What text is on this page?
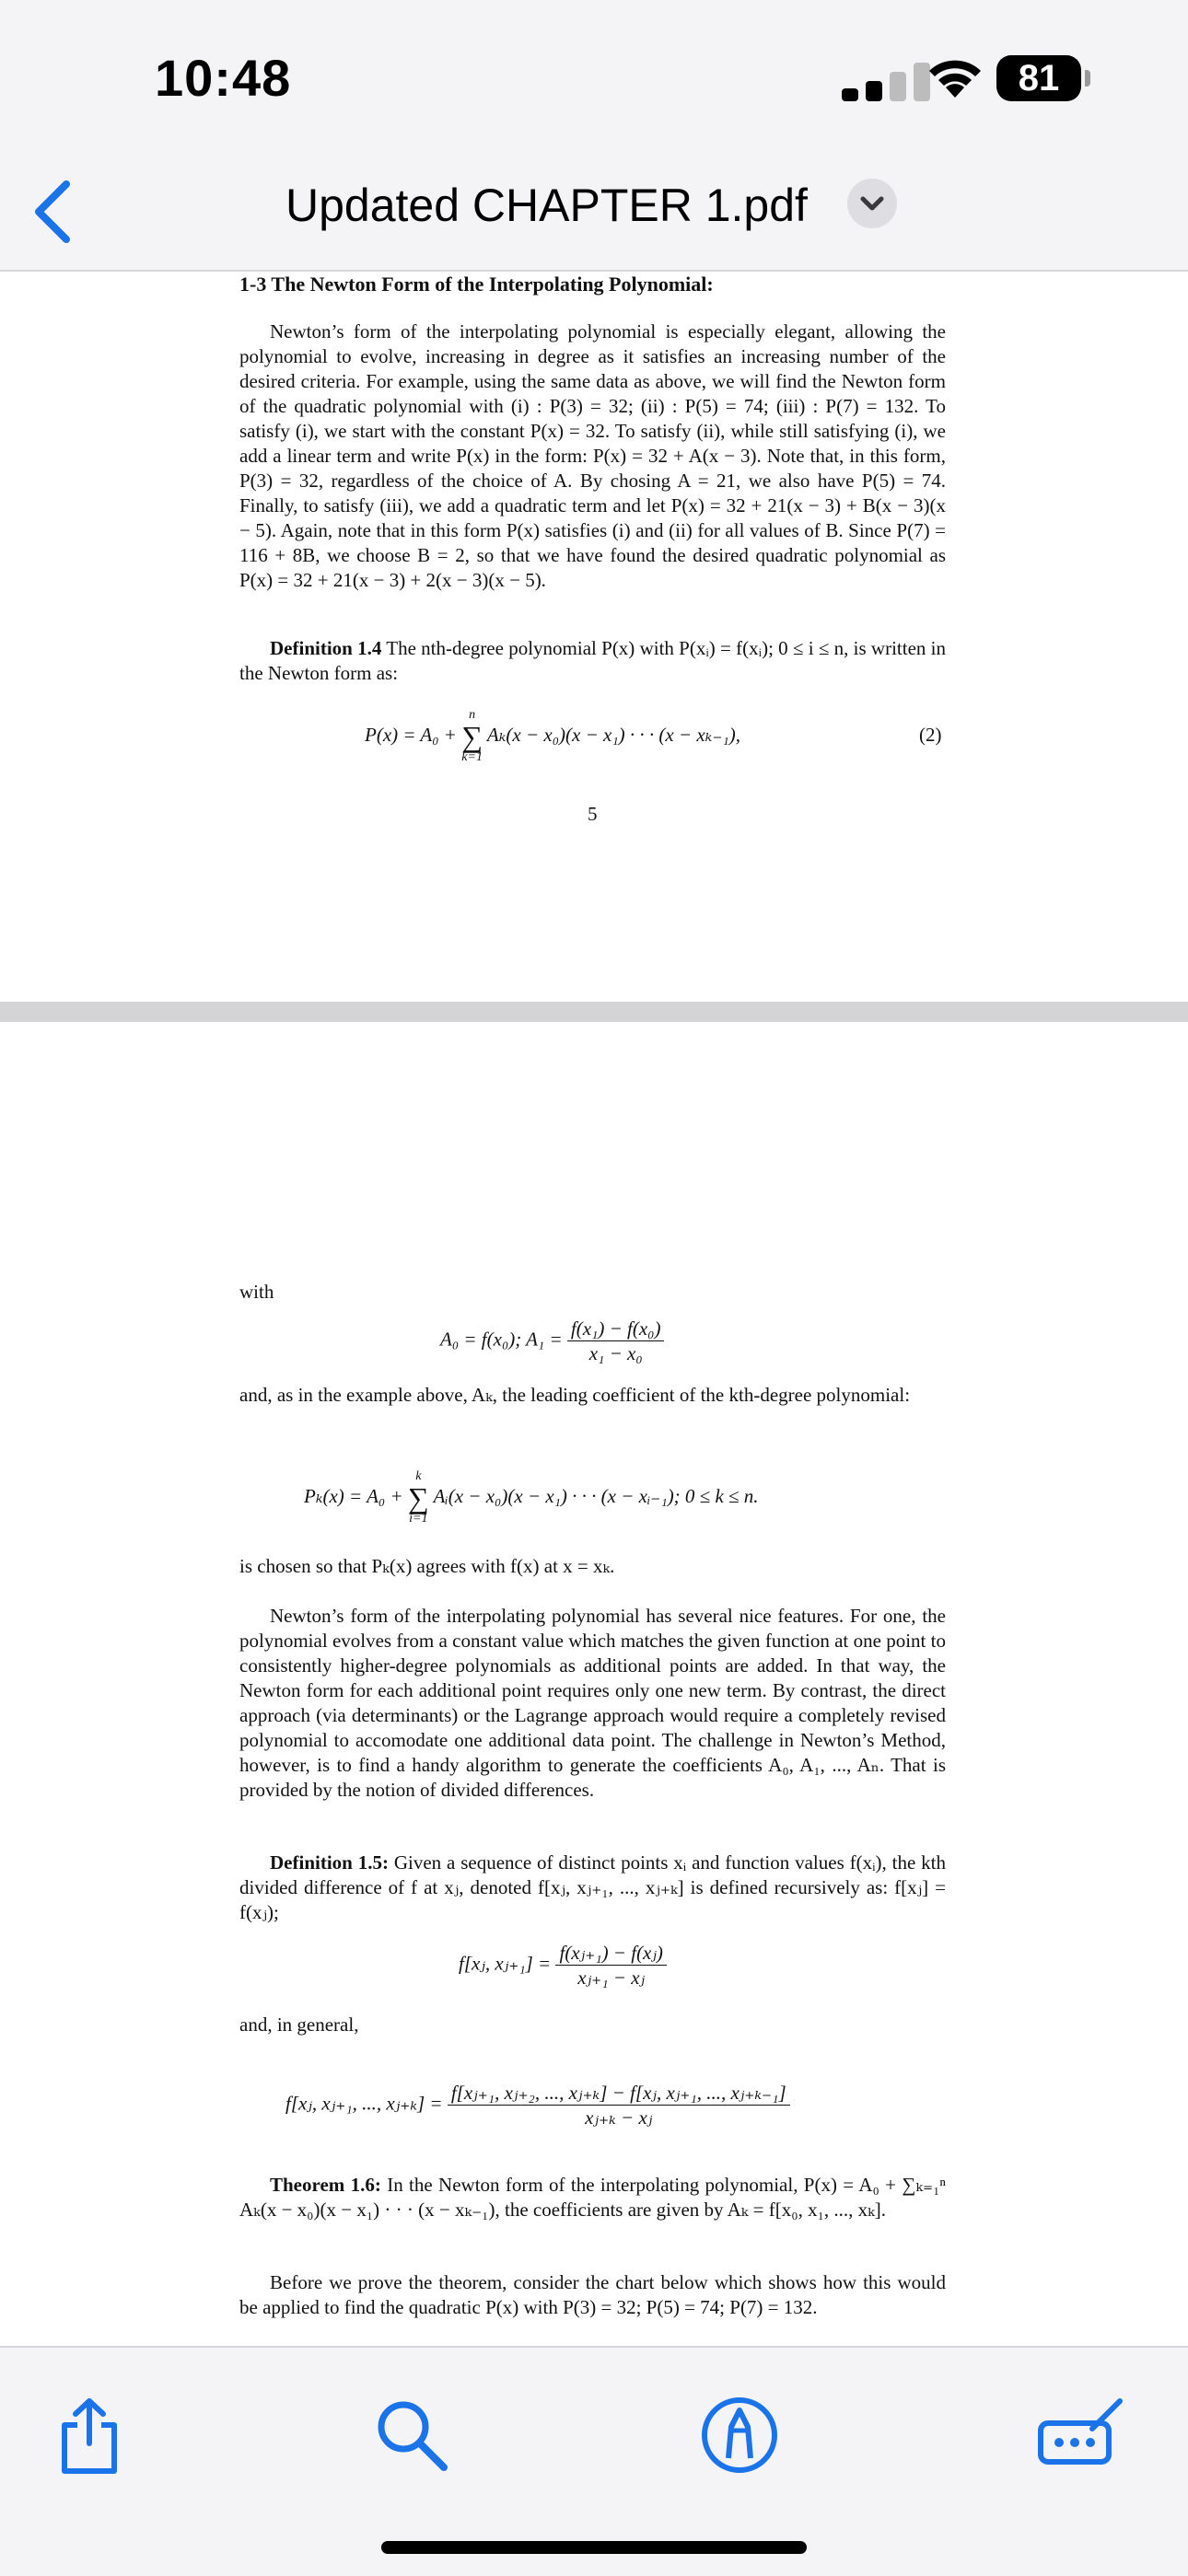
10:48	81
Updated CHAPTER 1.pdf
1-3 The Newton Form of the Interpolating Polynomial:

Newton’s form of the interpolating polynomial is especially elegant, allowing the polynomial to evolve, increasing in degree as it satisfies an increasing number of the desired criteria. For example, using the same data as above, we will find the Newton form of the quadratic polynomial with (i) : P(3) = 32; (ii) : P(5) = 74; (iii) : P(7) = 132. To satisfy (i), we start with the constant P(x) = 32. To satisfy (ii), while still satisfying (i), we add a linear term and write P(x) in the form: P(x) = 32 + A(x − 3). Note that, in this form, P(3) = 32, regardless of the choice of A. By chosing A = 21, we also have P(5) = 74. Finally, to satisfy (iii), we add a quadratic term and let P(x) = 32 + 21(x − 3) + B(x − 3)(x − 5). Again, note that in this form P(x) satisfies (i) and (ii) for all values of B. Since P(7) = 116 + 8B, we choose B = 2, so that we have found the desired quadratic polynomial as P(x) = 32 + 21(x − 3) + 2(x − 3)(x − 5).

Definition 1.4 The nth-degree polynomial P(x) with P(xᵢ) = f(xᵢ); 0 ≤ i ≤ n, is written in the Newton form as:

P(x) = A₀ +
n
∑
k=1
Aₖ(x − x₀)(x − x₁) · · · (x − xₖ₋₁),	(2)
5
with
A₀ = f(x₀); $A_1 = \frac{\text{f(x₁) − f(x₀)}}{\text{x₁ − x₀}}$

and, as in the example above, Aₖ, the leading coefficient of the kth-degree polynomial:

Pₖ(x) = A₀ +
k
∑
i=1
Aᵢ(x − x₀)(x − x₁) · · · (x − xᵢ₋₁); 0 ≤ k ≤ n.

is chosen so that Pₖ(x) agrees with f(x) at x = xₖ.

Newton’s form of the interpolating polynomial has several nice features. For one, the polynomial evolves from a constant value which matches the given function at one point to consistently higher-degree polynomials as additional points are added. In that way, the Newton form for each additional point requires only one new term. By contrast, the direct approach (via determinants) or the Lagrange approach would require a completely revised polynomial to accomodate one additional data point. The challenge in Newton’s Method, however, is to find a handy algorithm to generate the coefficients A₀, A₁, ..., Aₙ. That is provided by the notion of divided differences.

Definition 1.5: Given a sequence of distinct points xᵢ and function values f(xᵢ), the kth divided difference of f at xⱼ, denoted f[xⱼ, xⱼ₊₁, ..., xⱼ₊ₖ] is defined recursively as: f[xⱼ] = f(xⱼ);

f[xⱼ, xⱼ₊₁] = $\frac{\text{f(xⱼ₊₁) − f(xⱼ)}}{\text{xⱼ₊₁ − xⱼ}}$
and, in general,
f[xⱼ, xⱼ₊₁, ..., xⱼ₊ₖ] = $\frac{\text{f[xⱼ₊₁, xⱼ₊₂, ..., xⱼ₊ₖ] − f[xⱼ, xⱼ₊₁, ..., xⱼ₊ₖ₋₁]}}{\text{xⱼ₊ₖ − xⱼ}}$

Theorem 1.6: In the Newton form of the interpolating polynomial, P(x) = A₀ + ∑ₖ₌₁ⁿ Aₖ(x − x₀)(x − x₁) · · · (x − xₖ₋₁), the coefficients are given by Aₖ = f[x₀, x₁, ..., xₖ].

Before we prove the theorem, consider the chart below which shows how this would be applied to find the quadratic P(x) with P(3) = 32; P(5) = 74; P(7) = 132.
